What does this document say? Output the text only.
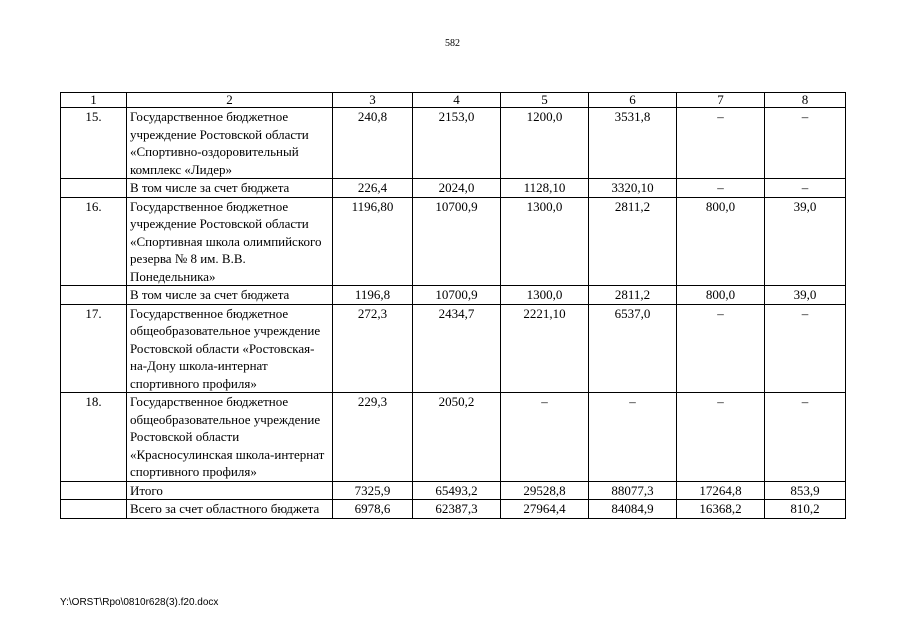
582
1	2	3	4	5	6	7	8
15.	Государственное бюджетное учреждение Ростовской области «Спортивно-оздоровительный комплекс «Лидер»	240,8	2153,0	1200,0	3531,8	–	–
	В том числе за счет бюджета	226,4	2024,0	1128,10	3320,10	–	–
16.	Государственное бюджетное учреждение Ростовской области «Спортивная школа олимпийского резерва № 8 им. В.В. Понедельника»	1196,80	10700,9	1300,0	2811,2	800,0	39,0
	В том числе за счет бюджета	1196,8	10700,9	1300,0	2811,2	800,0	39,0
17.	Государственное бюджетное общеобразовательное учреждение Ростовской области «Ростовская-на-Дону школа-интернат спортивного профиля»	272,3	2434,7	2221,10	6537,0	–	–
18.	Государственное бюджетное общеобразовательное учреждение Ростовской области «Красносулинская школа-интернат спортивного профиля»	229,3	2050,2	–	–	–	–
	Итого	7325,9	65493,2	29528,8	88077,3	17264,8	853,9
	Всего за счет областного бюджета	6978,6	62387,3	27964,4	84084,9	16368,2	810,2
Y:\ORST\Rpo\0810r628(3).f20.docx
